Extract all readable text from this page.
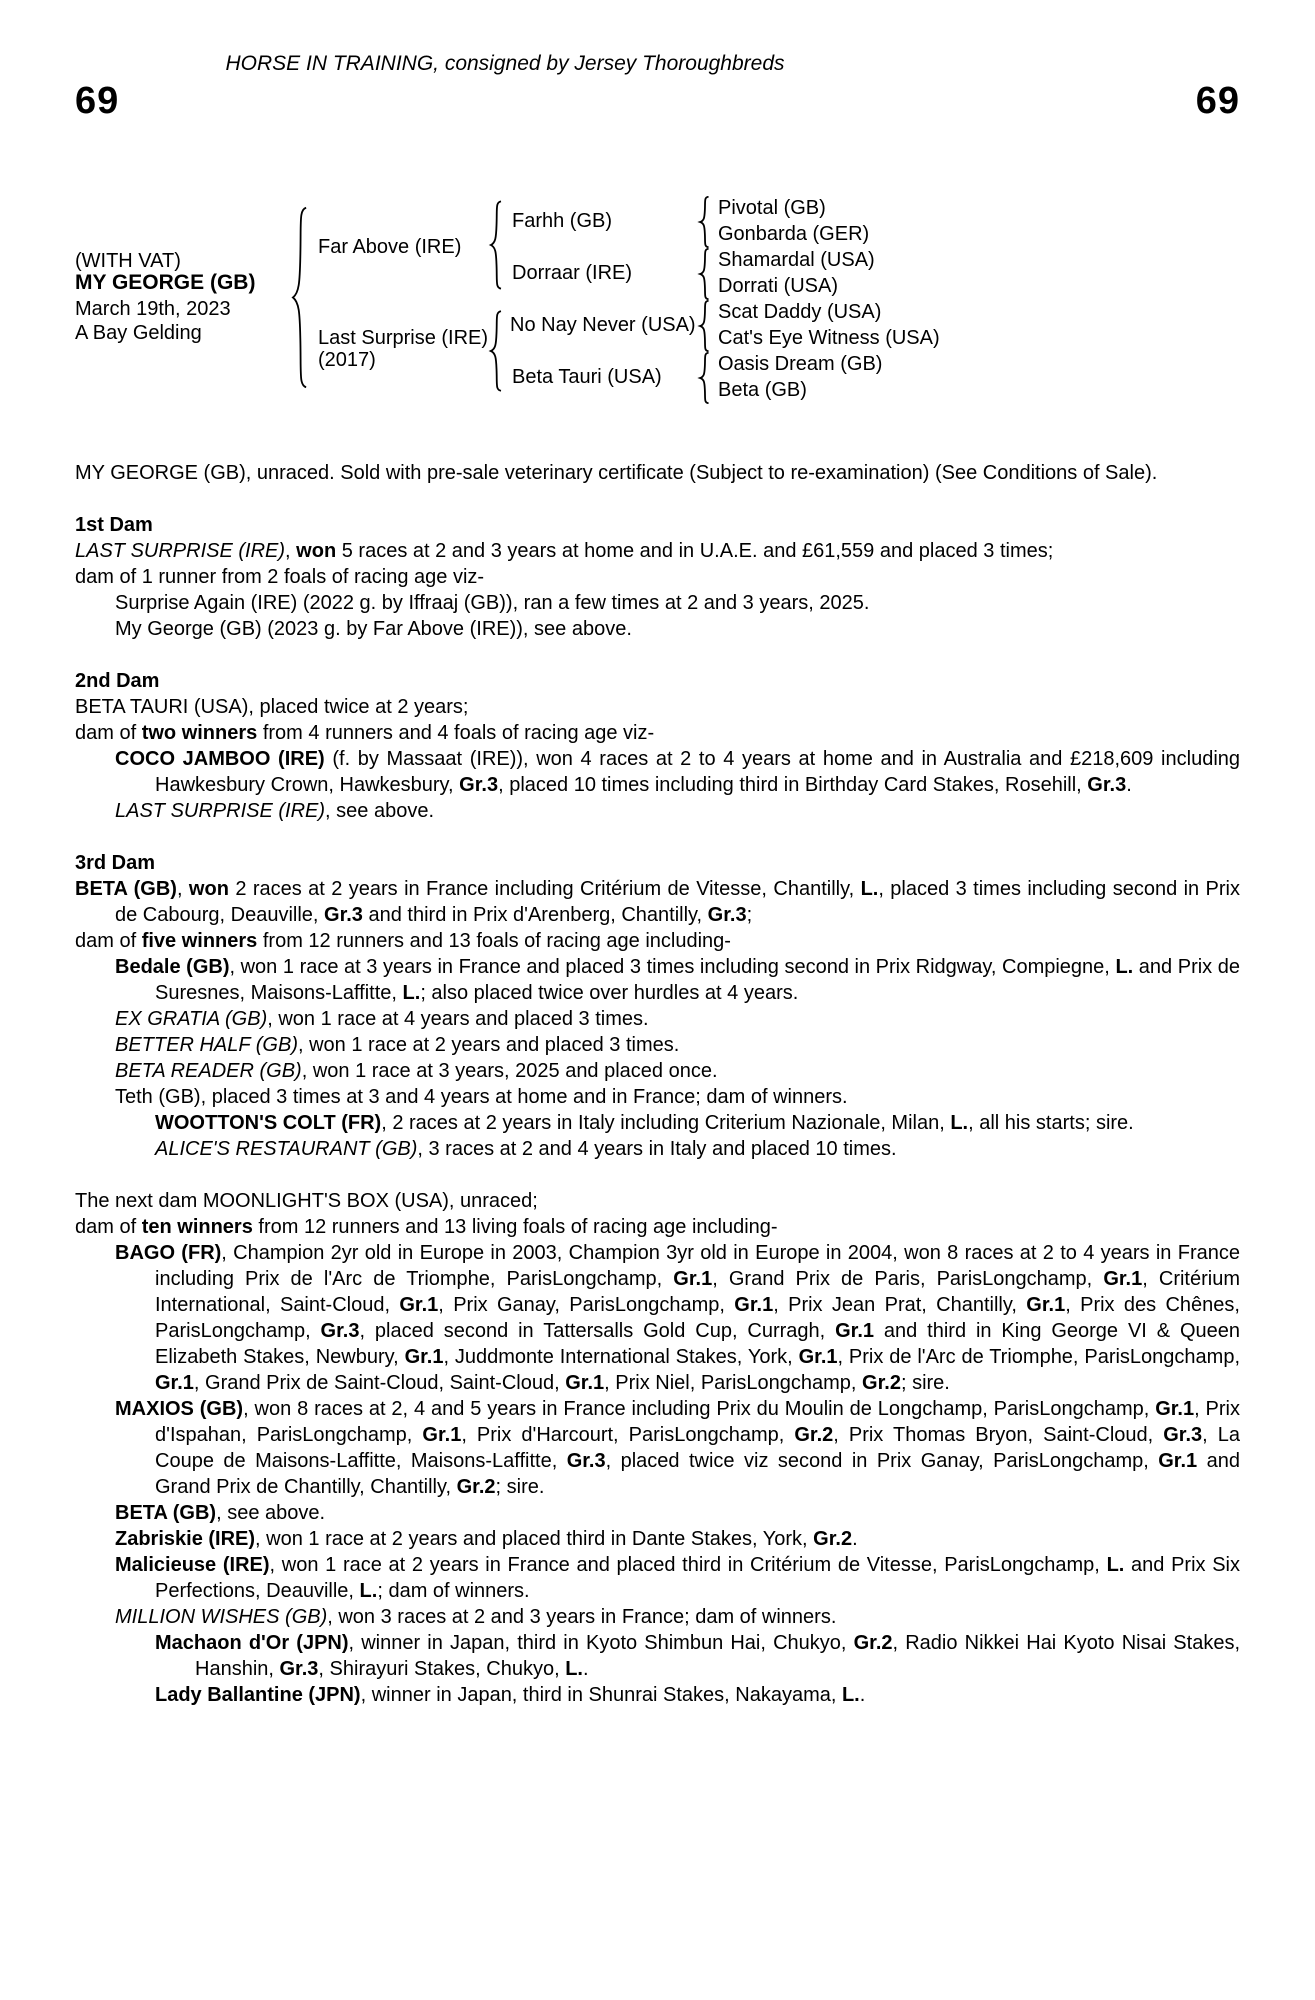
HORSE IN TRAINING, consigned by Jersey Thoroughbreds
69	69
(WITH VAT)
MY GEORGE (GB)
March 19th, 2023
A Bay Gelding
Far Above (IRE)
Last Surprise (IRE)
(2017)
Farhh (GB)
Dorraar (IRE)
No Nay Never (USA)
Beta Tauri (USA)
Pivotal (GB)
Gonbarda (GER)
Shamardal (USA)
Dorrati (USA)
Scat Daddy (USA)
Cat's Eye Witness (USA)
Oasis Dream (GB)
Beta (GB)
MY GEORGE (GB), unraced. Sold with pre-sale veterinary certificate (Subject to re-examination) (See Conditions of Sale).
1st Dam
LAST SURPRISE (IRE), won 5 races at 2 and 3 years at home and in U.A.E. and £61,559 and placed 3 times;
dam of 1 runner from 2 foals of racing age viz-
Surprise Again (IRE) (2022 g. by Iffraaj (GB)), ran a few times at 2 and 3 years, 2025.
My George (GB) (2023 g. by Far Above (IRE)), see above.
2nd Dam
BETA TAURI (USA), placed twice at 2 years;
dam of two winners from 4 runners and 4 foals of racing age viz-
COCO JAMBOO (IRE) (f. by Massaat (IRE)), won 4 races at 2 to 4 years at home and in Australia and £218,609 including Hawkesbury Crown, Hawkesbury, Gr.3, placed 10 times including third in Birthday Card Stakes, Rosehill, Gr.3.
LAST SURPRISE (IRE), see above.
3rd Dam
BETA (GB), won 2 races at 2 years in France including Critérium de Vitesse, Chantilly, L., placed 3 times including second in Prix de Cabourg, Deauville, Gr.3 and third in Prix d'Arenberg, Chantilly, Gr.3;
dam of five winners from 12 runners and 13 foals of racing age including-
Bedale (GB), won 1 race at 3 years in France and placed 3 times including second in Prix Ridgway, Compiegne, L. and Prix de Suresnes, Maisons-Laffitte, L.; also placed twice over hurdles at 4 years.
EX GRATIA (GB), won 1 race at 4 years and placed 3 times.
BETTER HALF (GB), won 1 race at 2 years and placed 3 times.
BETA READER (GB), won 1 race at 3 years, 2025 and placed once.
Teth (GB), placed 3 times at 3 and 4 years at home and in France; dam of winners.
WOOTTON'S COLT (FR), 2 races at 2 years in Italy including Criterium Nazionale, Milan, L., all his starts; sire.
ALICE'S RESTAURANT (GB), 3 races at 2 and 4 years in Italy and placed 10 times.
The next dam MOONLIGHT'S BOX (USA), unraced;
dam of ten winners from 12 runners and 13 living foals of racing age including-
BAGO (FR), Champion 2yr old in Europe in 2003, Champion 3yr old in Europe in 2004, won 8 races at 2 to 4 years in France including Prix de l'Arc de Triomphe, ParisLongchamp, Gr.1, Grand Prix de Paris, ParisLongchamp, Gr.1, Critérium International, Saint-Cloud, Gr.1, Prix Ganay, ParisLongchamp, Gr.1, Prix Jean Prat, Chantilly, Gr.1, Prix des Chênes, ParisLongchamp, Gr.3, placed second in Tattersalls Gold Cup, Curragh, Gr.1 and third in King George VI & Queen Elizabeth Stakes, Newbury, Gr.1, Juddmonte International Stakes, York, Gr.1, Prix de l'Arc de Triomphe, ParisLongchamp, Gr.1, Grand Prix de Saint-Cloud, Saint-Cloud, Gr.1, Prix Niel, ParisLongchamp, Gr.2; sire.
MAXIOS (GB), won 8 races at 2, 4 and 5 years in France including Prix du Moulin de Longchamp, ParisLongchamp, Gr.1, Prix d'Ispahan, ParisLongchamp, Gr.1, Prix d'Harcourt, ParisLongchamp, Gr.2, Prix Thomas Bryon, Saint-Cloud, Gr.3, La Coupe de Maisons-Laffitte, Maisons-Laffitte, Gr.3, placed twice viz second in Prix Ganay, ParisLongchamp, Gr.1 and Grand Prix de Chantilly, Chantilly, Gr.2; sire.
BETA (GB), see above.
Zabriskie (IRE), won 1 race at 2 years and placed third in Dante Stakes, York, Gr.2.
Malicieuse (IRE), won 1 race at 2 years in France and placed third in Critérium de Vitesse, ParisLongchamp, L. and Prix Six Perfections, Deauville, L.; dam of winners.
MILLION WISHES (GB), won 3 races at 2 and 3 years in France; dam of winners.
Machaon d'Or (JPN), winner in Japan, third in Kyoto Shimbun Hai, Chukyo, Gr.2, Radio Nikkei Hai Kyoto Nisai Stakes, Hanshin, Gr.3, Shirayuri Stakes, Chukyo, L..
Lady Ballantine (JPN), winner in Japan, third in Shunrai Stakes, Nakayama, L..
